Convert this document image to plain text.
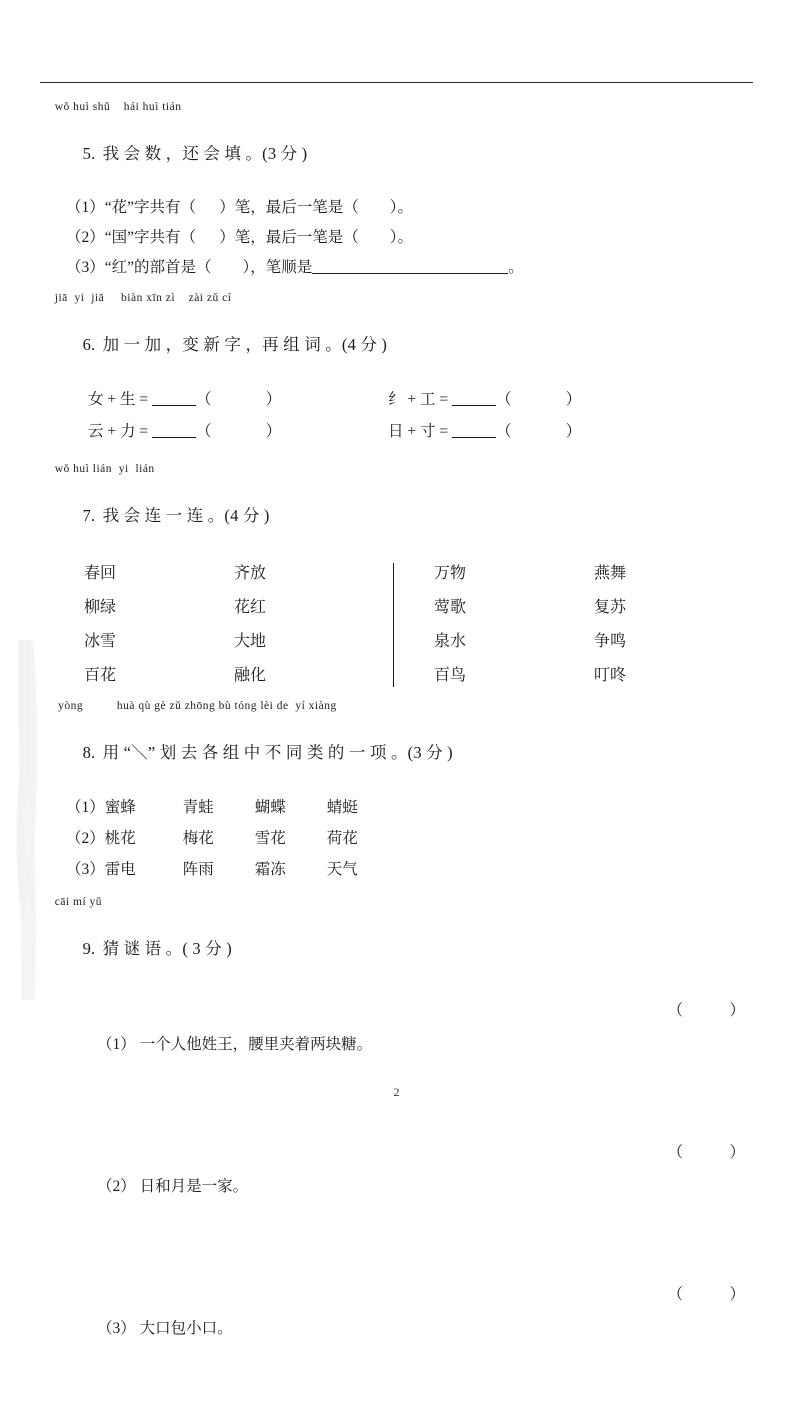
wǒ huì shǔ    hái huì tián

5. 我 会 数 ，还 会 填 。(3 分 )

（1）“花”字共有（      ）笔，最后一笔是（        ）。
（2）“国”字共有（      ）笔，最后一笔是（        ）。
（3）“红”的部首是（        ），笔顺是	。
jiā  yi  jiā     biàn xīn zì    zài zǔ cí

6. 加 一 加 ，变 新 字 ，再 组 词 。(4 分 )

女 + 生 =	（              ）	纟 + 工 =	（              ）
云 + 力 =	（              ）	日 + 寸 =	（              ）
wǒ huì lián  yi  lián

7. 我 会 连 一 连 。(4 分 )

春回	齐放	万物	燕舞
柳绿	花红	莺歌	复苏
冰雪	大地	泉水	争鸣
百花	融化	百鸟	叮咚
yòng          huà qù gè zǔ zhōng bù tóng lèi de  yí xiàng

8. 用 “＼” 划 去 各 组 中 不 同 类 的 一 项 。(3 分 )

（1）蜜蜂	青蛙	蝴蝶	蜻蜓
（2）桃花	梅花	雪花	荷花
（3）雷电	阵雨	霜冻	天气
cāi mí yǔ

9. 猜 谜 语 。( 3 分 )

（1） 一个人他姓王，腰里夹着两块糖。

（            ）

（2） 日和月是一家。

（            ）

（3） 大口包小口。

（            ）

2
